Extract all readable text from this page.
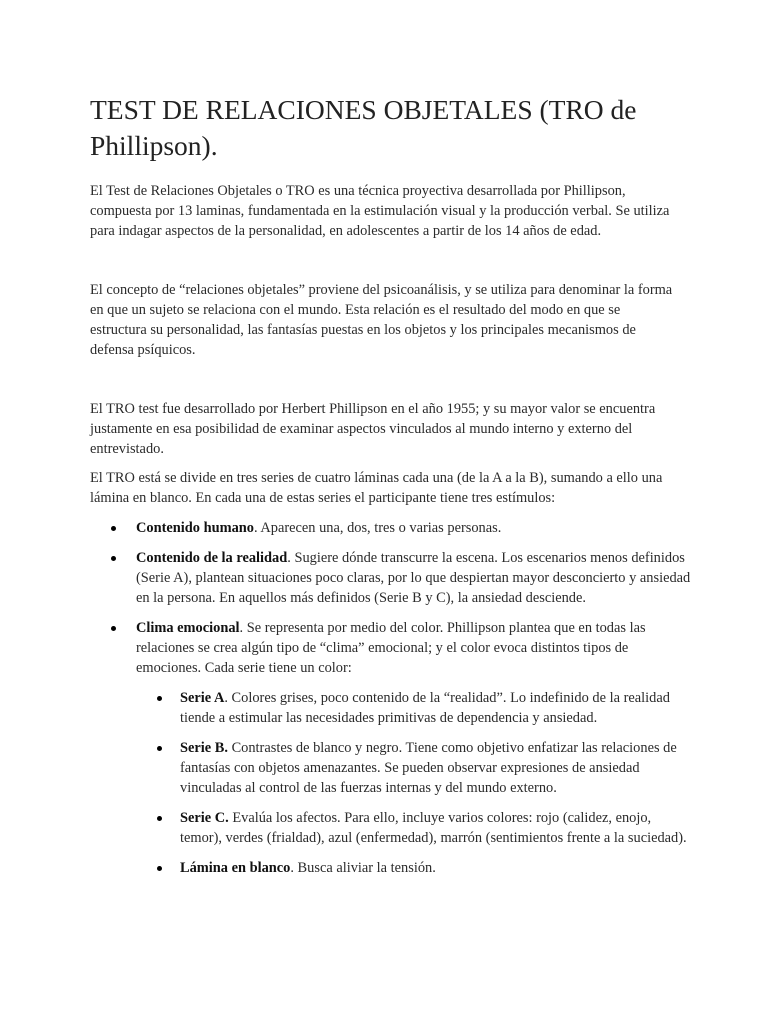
TEST DE RELACIONES OBJETALES (TRO de Phillipson).

El Test de Relaciones Objetales o TRO es una técnica proyectiva desarrollada por Phillipson, compuesta por 13 laminas, fundamentada en la estimulación visual y la producción verbal. Se utiliza para indagar aspectos de la personalidad, en adolescentes a partir de los 14 años de edad.

El concepto de “relaciones objetales” proviene del psicoanálisis, y se utiliza para denominar la forma en que un sujeto se relaciona con el mundo. Esta relación es el resultado del modo en que se estructura su personalidad, las fantasías puestas en los objetos y los principales mecanismos de defensa psíquicos.

El TRO test fue desarrollado por Herbert Phillipson en el año 1955; y su mayor valor se encuentra justamente en esa posibilidad de examinar aspectos vinculados al mundo interno y externo del entrevistado.

El TRO está se divide en tres series de cuatro láminas cada una (de la A a la B), sumando a ello una lámina en blanco. En cada una de estas series el participante tiene tres estímulos:

Contenido humano. Aparecen una, dos, tres o varias personas.
Contenido de la realidad. Sugiere dónde transcurre la escena. Los escenarios menos definidos (Serie A), plantean situaciones poco claras, por lo que despiertan mayor desconcierto y ansiedad en la persona. En aquellos más definidos (Serie B y C), la ansiedad desciende.
Clima emocional. Se representa por medio del color. Phillipson plantea que en todas las relaciones se crea algún tipo de “clima” emocional; y el color evoca distintos tipos de emociones. Cada serie tiene un color:
Serie A. Colores grises, poco contenido de la “realidad”. Lo indefinido de la realidad tiende a estimular las necesidades primitivas de dependencia y ansiedad.
Serie B. Contrastes de blanco y negro. Tiene como objetivo enfatizar las relaciones de fantasías con objetos amenazantes. Se pueden observar expresiones de ansiedad vinculadas al control de las fuerzas internas y del mundo externo.
Serie C. Evalúa los afectos. Para ello, incluye varios colores: rojo (calidez, enojo, temor), verdes (frialdad), azul (enfermedad), marrón (sentimientos frente a la suciedad).
Lámina en blanco. Busca aliviar la tensión.
